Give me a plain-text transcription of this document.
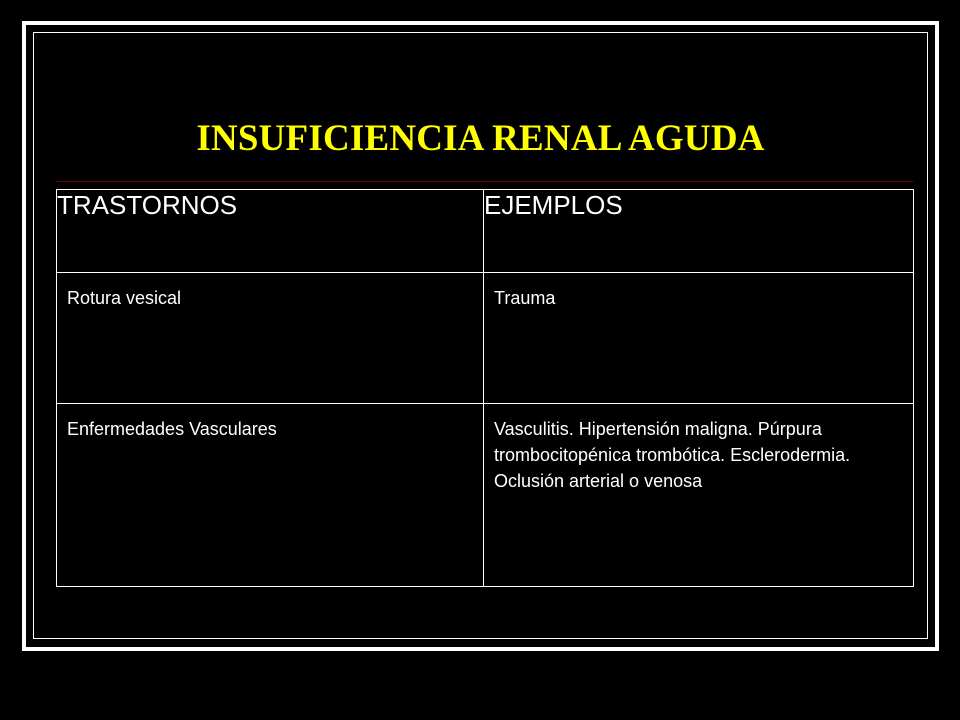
INSUFICIENCIA RENAL AGUDA
TRASTORNOS	EJEMPLOS
Rotura vesical	Trauma
Enfermedades Vasculares	Vasculitis. Hipertensión maligna. Púrpura trombocitopénica trombótica. Esclerodermia. Oclusión arterial o venosa
